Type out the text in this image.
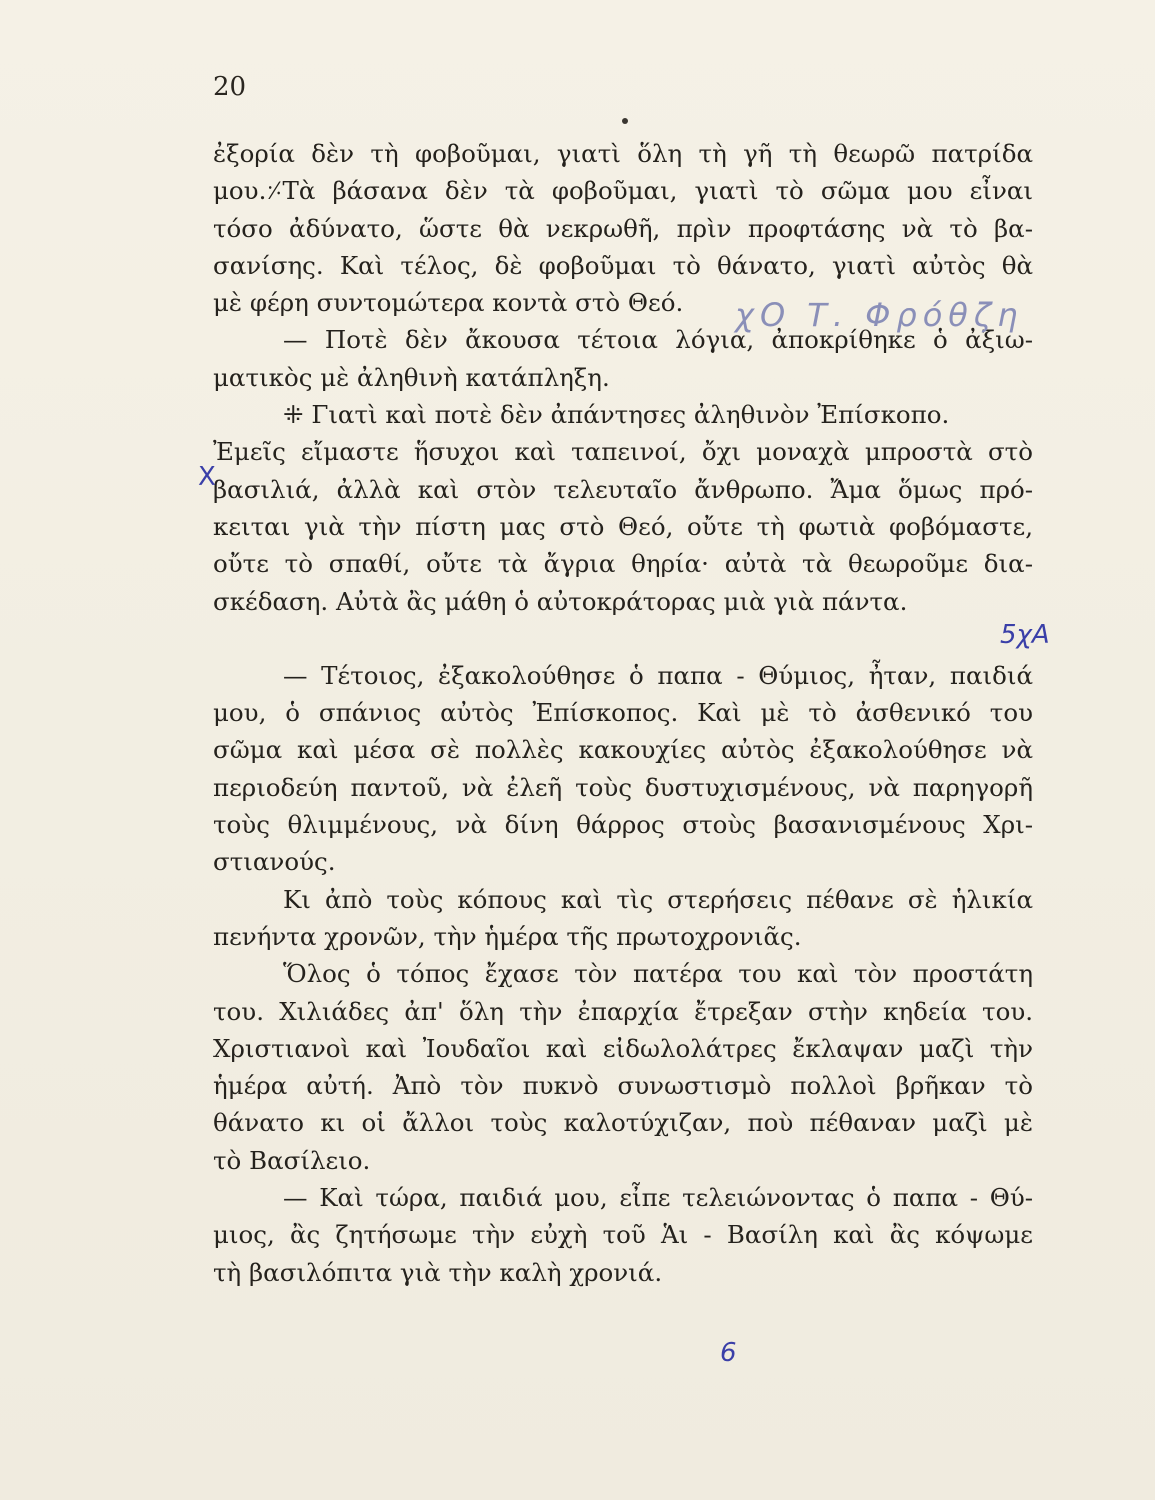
20
ἐξορία δὲν τὴ φοβοῦμαι, γιατὶ ὅλη τὴ γῆ τὴ θεωρῶ πατρίδα
μου.⸓Τὰ βάσανα δὲν τὰ φοβοῦμαι, γιατὶ τὸ σῶμα μου εἶναι
τόσο ἀδύνατο, ὥστε θὰ νεκρωθῆ, πρὶν προφτάσης νὰ τὸ βα-
σανίσης. Καὶ τέλος, δὲ φοβοῦμαι τὸ θάνατο, γιατὶ αὐτὸς θὰ
μὲ φέρη συντομώτερα κοντὰ στὸ Θεό.
— Ποτὲ δὲν ἄκουσα τέτοια λόγια, ἀποκρίθηκε ὁ ἀξιω-
ματικὸς μὲ ἀληθινὴ κατάπληξη.
⁜ Γιατὶ καὶ ποτὲ δὲν ἀπάντησες ἀληθινὸν Ἐπίσκοπο.
Ἐμεῖς εἴμαστε ἥσυχοι καὶ ταπεινοί, ὄχι μοναχὰ μπροστὰ στὸ
βασιλιά, ἀλλὰ καὶ στὸν τελευταῖο ἄνθρωπο. Ἄμα ὅμως πρό-
κειται γιὰ τὴν πίστη μας στὸ Θεό, οὔτε τὴ φωτιὰ φοβόμαστε,
οὔτε τὸ σπαθί, οὔτε τὰ ἄγρια θηρία· αὐτὰ τὰ θεωροῦμε δια-
σκέδαση. Αὐτὰ ἂς μάθη ὁ αὐτοκράτορας μιὰ γιὰ πάντα.
— Τέτοιος, ἐξακολούθησε ὁ παπα - Θύμιος, ἦταν, παιδιά
μου, ὁ σπάνιος αὐτὸς Ἐπίσκοπος. Καὶ μὲ τὸ ἀσθενικό του
σῶμα καὶ μέσα σὲ πολλὲς κακουχίες αὐτὸς ἐξακολούθησε νὰ
περιοδεύη παντοῦ, νὰ ἐλεῆ τοὺς δυστυχισμένους, νὰ παρηγορῆ
τοὺς θλιμμένους, νὰ δίνη θάρρος στοὺς βασανισμένους Χρι-
στιανούς.
Κι ἀπὸ τοὺς κόπους καὶ τὶς στερήσεις πέθανε σὲ ἡλικία
πενήντα χρονῶν, τὴν ἡμέρα τῆς πρωτοχρονιᾶς.
Ὅλος ὁ τόπος ἔχασε τὸν πατέρα του καὶ τὸν προστάτη
του. Χιλιάδες ἀπ' ὅλη τὴν ἐπαρχία ἔτρεξαν στὴν κηδεία του.
Χριστιανοὶ καὶ Ἰουδαῖοι καὶ εἰδωλολάτρες ἔκλαψαν μαζὶ τὴν
ἡμέρα αὐτή. Ἀπὸ τὸν πυκνὸ συνωστισμὸ πολλοὶ βρῆκαν τὸ
θάνατο κι οἱ ἄλλοι τοὺς καλοτύχιζαν, ποὺ πέθαναν μαζὶ μὲ
τὸ Βασίλειο.
— Καὶ τώρα, παιδιά μου, εἶπε τελειώνοντας ὁ παπα - Θύ-
μιος, ἂς ζητήσωμε τὴν εὐχὴ τοῦ Ἁι - Βασίλη καὶ ἂς κόψωμε
τὴ βασιλόπιτα γιὰ τὴν καλὴ χρονιά.
χΟ Τ. Φρόθζη
5χΑ
6
Χ
